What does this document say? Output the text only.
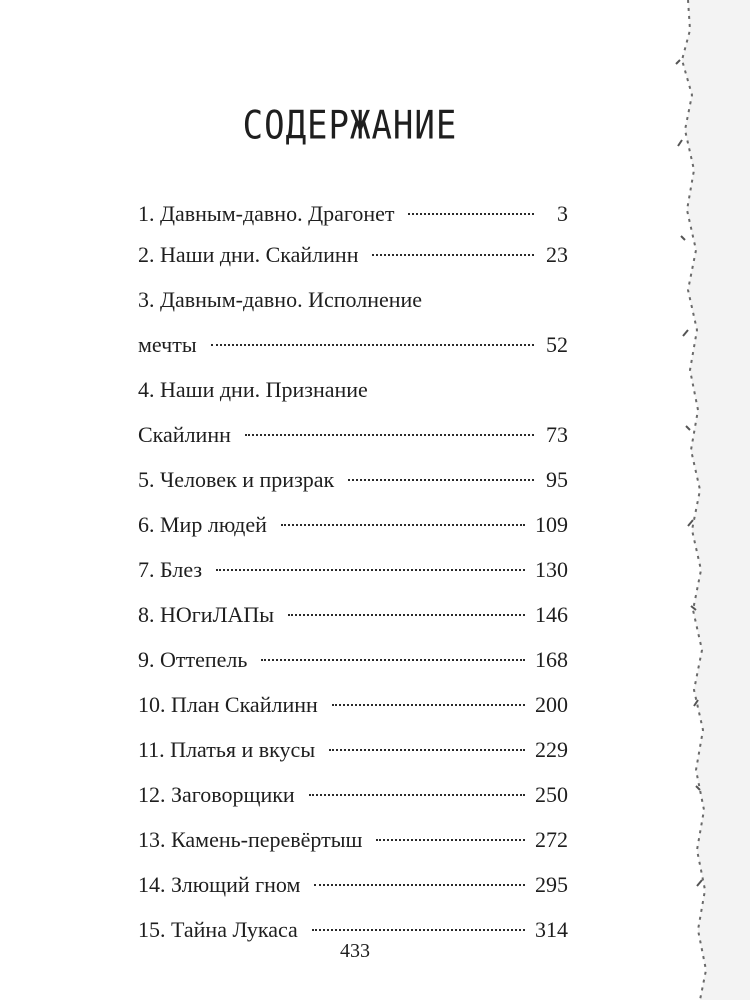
СОДЕРЖАНИЕ
1. Давным-давно. Драгонет	3
2. Наши дни. Скайлинн	23
3. Давным-давно. Исполнение
мечты	52
4. Наши дни. Признание
Скайлинн	73
5. Человек и призрак	95
6. Мир людей	109
7. Блез	130
8. НОгиЛАПы	146
9. Оттепель	168
10. План Скайлинн	200
11. Платья и вкусы	229
12. Заговорщики	250
13. Камень-перевёртыш	272
14. Злющий гном	295
15. Тайна Лукаса	314
433
